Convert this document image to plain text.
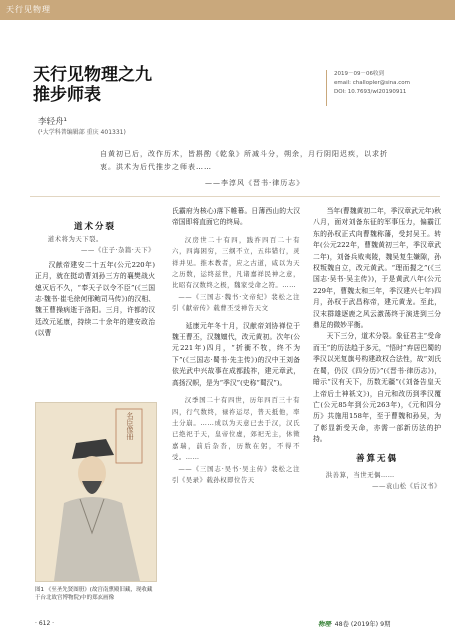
天行见物理
天行见物理之九
推步师表
李轻舟¹
(¹大学科普编辑部 重庆 401331)
2019－09－06收到
email: challopler@sina.com
DOI: 10.7693/wl20190911
自黄初已后，改作历术，皆斟酌《乾象》所减斗分，朔余，月行阴阳迟疾，以求折衷。洪术为后代推步之师表……
——李淳风《晋书·律历志》
道术分裂
道术将为天下裂。
——《庄子·杂篇·天下》

汉献帝建安二十五年(公元220年)正月，就在挺动曹刘孙三方的襄樊战火熄灭后不久，“奉天子以令不臣”(《三国志·魏书·崔毛徐何邢鲍司马传》)的汉相、魏王曹操病逝于洛阳。三月，许都的汉廷改元延康，持续二十余年的建安政治(以曹

名臣像冊
图1 《至圣先贤图册》(故宫南熏殿旧藏，现收藏于台北故宫博物院)中的郑玄画像

氏霸府为核心)落下帷幕。日薄西山的大汉帝国即将直面它的终局。

汉房世二十有四，践祚四百二十有六，四海困穷，三纲不立，五纬错行，灵祥并见。推本教者，应之古道，咸以为天之历数，运终兹世，凡诸嘉祥民神之意，比昭有汉数终之极，魏家受命之符。……
——《三国志·魏书·文帝纪》裴松之注引《献帝传》载曹丕受禅告天文

延康元年冬十月，汉献帝刘协禅位于魏王曹丕，汉魏嬗代，改元黄初。次年(公元221年)四月，“折衝不牧，终不为下”(《三国志·蜀书·先主传》)的汉中王刘备依光武中兴故事在成都践祚，建元章武，高扬汉帜，是为“季汉”(史称“蜀汉”)。

汉季国二十有四世，历年四百三十有四，行气数终，禄祚运尽，普天抵他，率土分崩。……成以为天意已去于汉，汉氏已绝祀于天，皇帝位虚，郊祀无主，休徵嘉瑞，前后杂沓，历数在躬，不得不受。……
——《三国志·吴书·吴主传》裴松之注引《吴录》载孙权即位告天

当年(曹魏黄初二年，季汉章武元年)秋八月，面对刘备东征的军事压力，偏霸江东的孙权正式向曹魏称藩，受封吴王。转年(公元222年，曹魏黄初三年，季汉章武二年)，刘备兵败夷陵，魏吴复生嫌隙，孙权叛魏自立，改元黄武。“理而握之”(《三国志·吴书·吴主传》)，于是黄武八年(公元229年，曹魏太和三年，季汉建兴七年)四月，孙权于武昌称帝，建元黄龙。至此，汉末群雄逐鹿之风云激荡终于演进到三分鼎足的微妙平衡。

天下三分，道术分裂。象征君主“受命而王”的历法趋于多元，“悟时”弃居巴蜀的季汉以光复旗号构建政权合法性，故“刘氏在蜀，仍汉《四分历》”(《晋书·律历志》)，暗示“汉有天下，历数无疆”(《刘备告皇天上帝后土神祇文》)，自元和改历到季汉覆亡(公元85年到公元263年)，《元和四分历》共施用158年，至于曹魏和孙吴，为了彰显新受天命，亦需一部新历法的护持。

善算无偶
洪善算，当世无偶……
——袁山松《后汉书》
· 612 ·	物理· 48卷 (2019年) 9期
